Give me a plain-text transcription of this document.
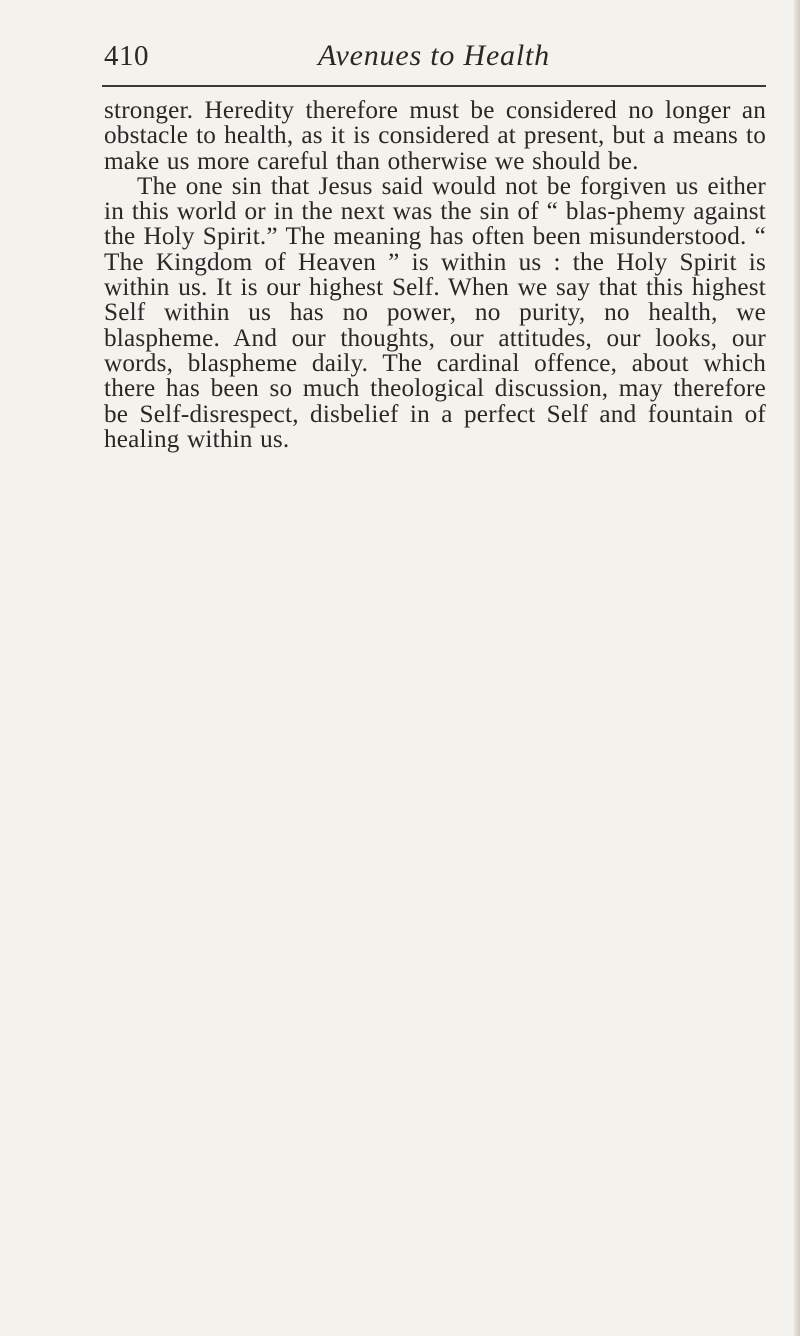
410	Avenues to Health

stronger. Heredity therefore must be considered no longer an obstacle to health, as it is considered at present, but a means to make us more careful than otherwise we should be.

The one sin that Jesus said would not be forgiven us either in this world or in the next was the sin of “ blas-phemy against the Holy Spirit.” The meaning has often been misunderstood. “ The Kingdom of Heaven ” is within us : the Holy Spirit is within us. It is our highest Self. When we say that this highest Self within us has no power, no purity, no health, we blaspheme. And our thoughts, our attitudes, our looks, our words, blaspheme daily. The cardinal offence, about which there has been so much theological discussion, may therefore be Self-disrespect, disbelief in a perfect Self and fountain of healing within us.
